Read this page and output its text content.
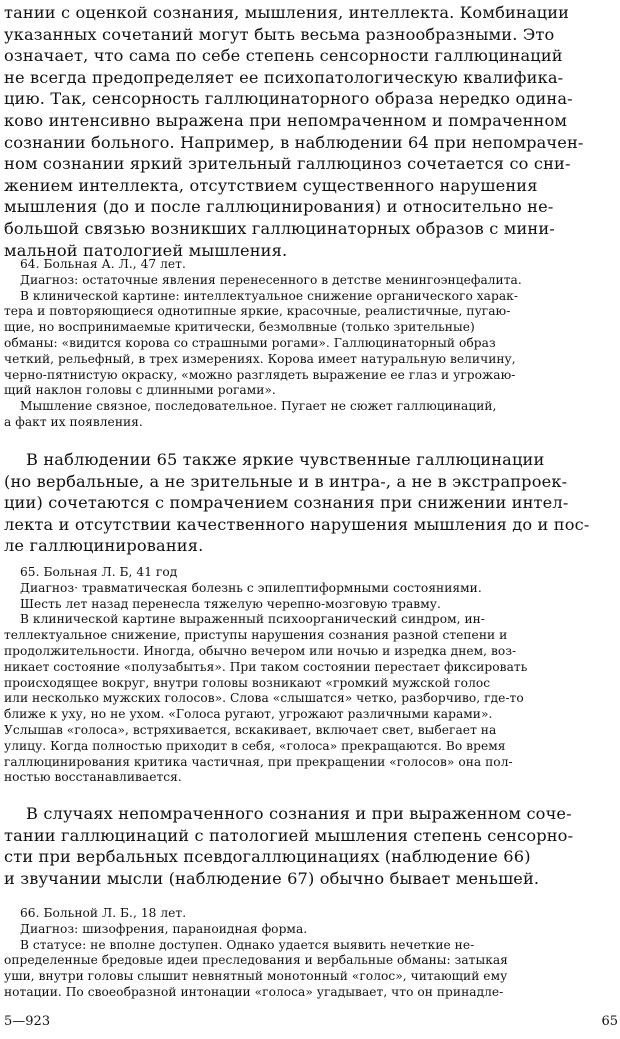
тании с оценкой сознания, мышления, интеллекта. Комбинации

указанных сочетаний могут быть весьма разнообразными. Это

означает, что сама по себе степень сенсорности галлюцинаций

не всегда предопределяет ее психопатологическую квалифика-

цию. Так, сенсорность галлюцинаторного образа нередко одина-

ково интенсивно выражена при непомраченном и помраченном

сознании больного. Например, в наблюдении 64 при непомрачен-

ном сознании яркий зрительный галлюциноз сочетается со сни-

жением интеллекта, отсутствием существенного нарушения

мышления (до и после галлюцинирования) и относительно не-

большой связью возникших галлюцинаторных образов с мини-

мальной патологией мышления.

64. Больная А. Л., 47 лет.

Диагноз: остаточные явления перенесенного в детстве менингоэнцефалита.

В клинической картине: интеллектуальное снижение органического харак-

тера и повторяющиеся однотипные яркие, красочные, реалистичные, пугаю-

щие, но воспринимаемые критически, безмолвные (только зрительные)

обманы: «видится корова со страшными рогами». Галлюцинаторный образ

четкий, рельефный, в трех измерениях. Корова имеет натуральную величину,

черно-пятнистую окраску, «можно разглядеть выражение ее глаз и угрожаю-

щий наклон головы с длинными рогами».

Мышление связное, последовательное. Пугает не сюжет галлюцинаций,

а факт их появления.

В наблюдении 65 также яркие чувственные галлюцинации

(но вербальные, а не зрительные и в интра-, а не в экстрапроек-

ции) сочетаются с помрачением сознания при снижении интел-

лекта и отсутствии качественного нарушения мышления до и пос-

ле галлюцинирования.

65. Больная Л. Б, 41 год

Диагноз· травматическая болезнь с эпилептиформными состояниями.

Шесть лет назад перенесла тяжелую черепно-мозговую травму.

В клинической картине выраженный психоорганический синдром, ин-

теллектуальное снижение, приступы нарушения сознания разной степени и

продолжительности. Иногда, обычно вечером или ночью и изредка днем, воз-

никает состояние «полузабытья». При таком состоянии перестает фиксировать

происходящее вокруг, внутри головы возникают «громкий мужской голос

или несколько мужских голосов». Слова «слышатся» четко, разборчиво, где-то

ближе к уху, но не ухом. «Голоса ругают, угрожают различными карами».

Услышав «голоса», встряхивается, вскакивает, включает свет, выбегает на

улицу. Когда полностью приходит в себя, «голоса» прекращаются. Во время

галлюцинирования критика частичная, при прекращении «голосов» она пол-

ностью восстанавливается.

В случаях непомраченного сознания и при выраженном соче-

тании галлюцинаций с патологией мышления степень сенсорно-

сти при вербальных псевдогаллюцинациях (наблюдение 66)

и звучании мысли (наблюдение 67) обычно бывает меньшей.

66. Больной Л. Б., 18 лет.

Диагноз: шизофрения, параноидная форма.

В статусе: не вполне доступен. Однако удается выявить нечеткие не-

определенные бредовые идеи преследования и вербальные обманы: затыкая

уши, внутри головы слышит невнятный монотонный «голос», читающий ему

нотации. По своеобразной интонации «голоса» угадывает, что он принадле-

5—923	65
